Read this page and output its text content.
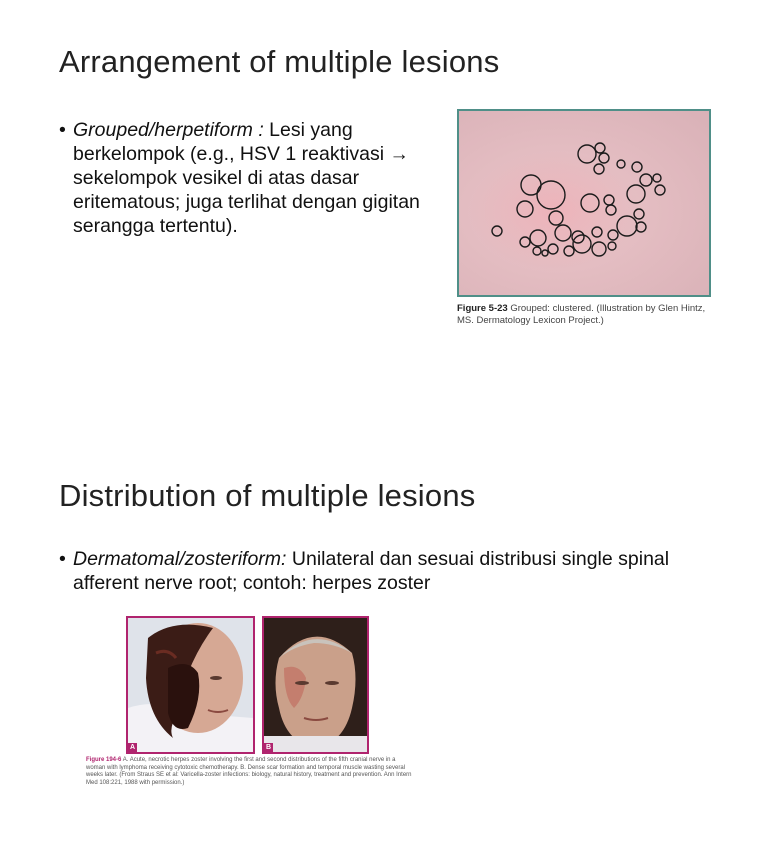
Arrangement of multiple lesions
• Grouped/herpetiform : Lesi yang berkelompok (e.g., HSV 1 reaktivasi → sekelompok vesikel di atas dasar eritematous; juga terlihat dengan gigitan serangga tertentu).
Figure 5-23 Grouped: clustered. (Illustration by Glen Hintz, MS. Dermatology Lexicon Project.)
Distribution of multiple lesions
• Dermatomal/zosteriform: Unilateral dan sesuai distribusi single spinal afferent nerve root; contoh: herpes zoster
A	B
Figure 194-6 A. Acute, necrotic herpes zoster involving the first and second distributions of the fifth cranial nerve in a woman with lymphoma receiving cytotoxic chemotherapy. B. Dense scar formation and temporal muscle wasting several weeks later. (From Straus SE et al: Varicella-zoster infections: biology, natural history, treatment and prevention. Ann Intern Med 108:221, 1988 with permission.)
